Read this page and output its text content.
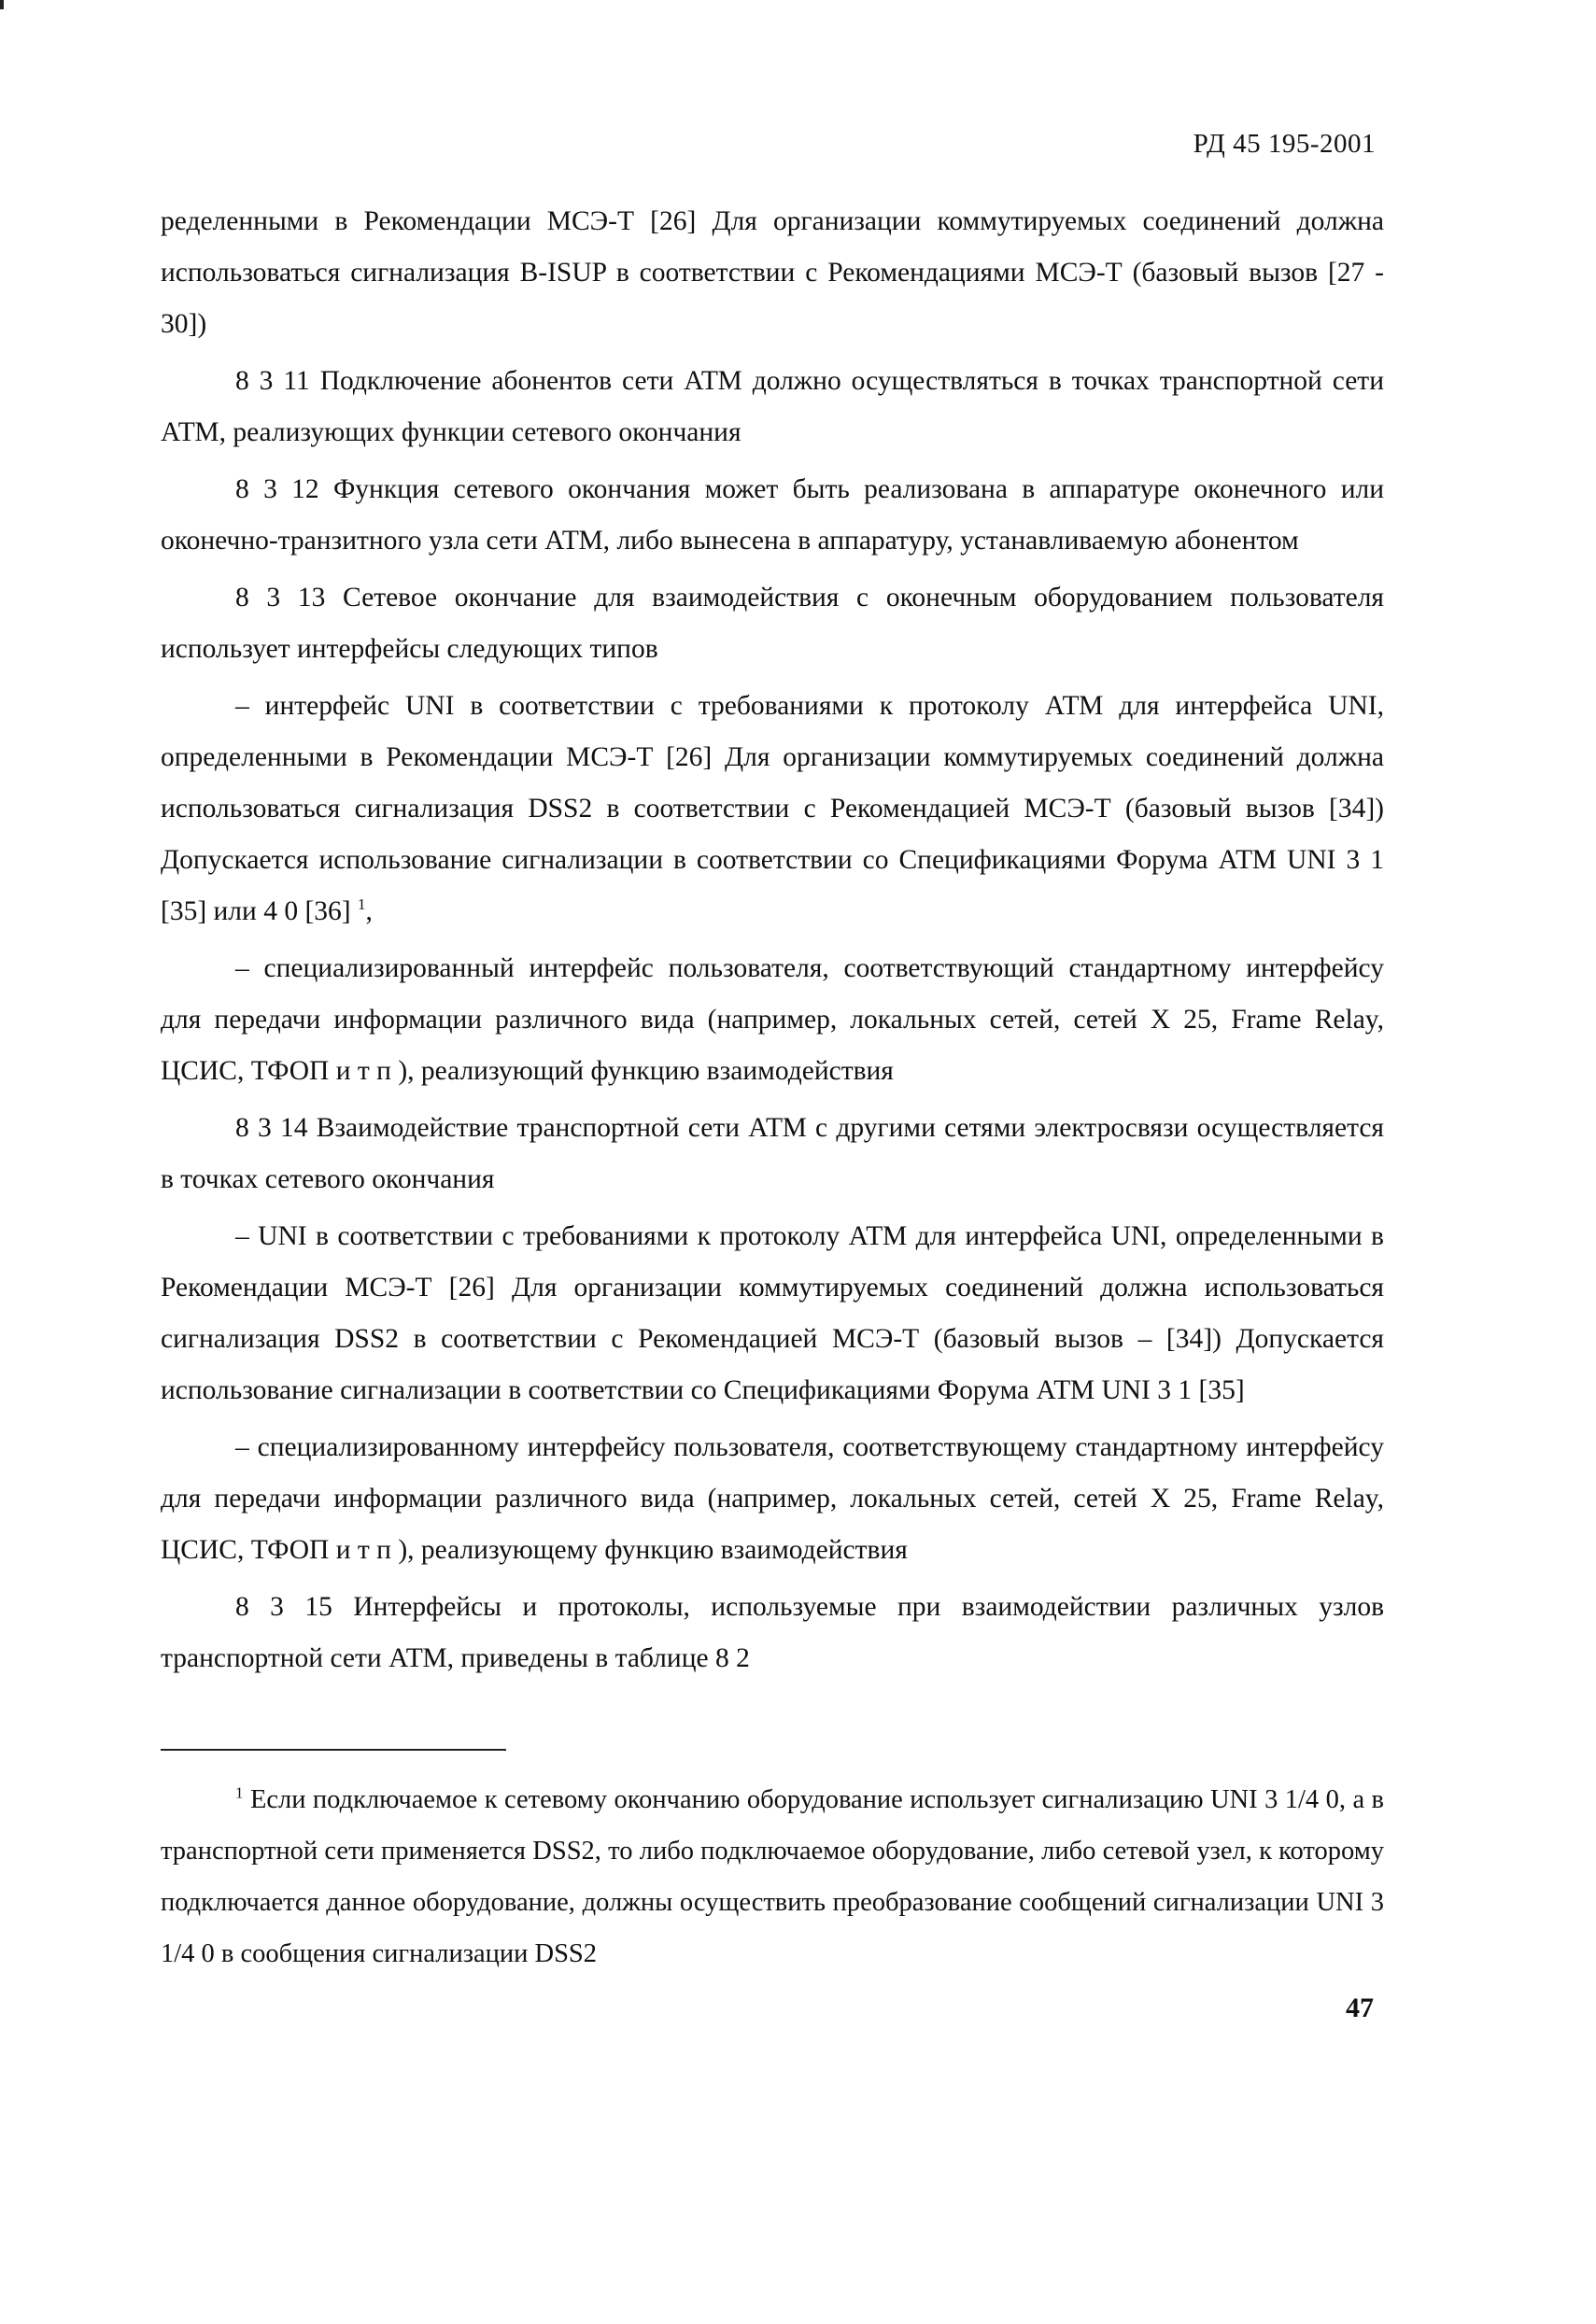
РД 45 195-2001

ределенными в Рекомендации МСЭ-Т [26] Для организации коммутируемых соединений должна использоваться сигнализация B-ISUP в соответствии с Рекомендациями МСЭ-Т (базовый вызов [27 - 30])

8 3 11 Подключение абонентов сети АТМ должно осуществляться в точках транспортной сети АТМ, реализующих функции сетевого окончания

8 3 12 Функция сетевого окончания может быть реализована в аппаратуре оконечного или оконечно-транзитного узла сети АТМ, либо вынесена в аппаратуру, устанавливаемую абонентом

8 3 13 Сетевое окончание для взаимодействия с оконечным оборудованием пользователя использует интерфейсы следующих типов

– интерфейс UNI в соответствии с требованиями к протоколу АТМ для интерфейса UNI, определенными в Рекомендации МСЭ-Т [26] Для организации коммутируемых соединений должна использоваться сигнализация DSS2 в соответствии с Рекомендацией МСЭ-Т (базовый вызов [34]) Допускается использование сигнализации в соответствии со Спецификациями Форума АТМ UNI 3 1 [35] или 4 0 [36] $^1$,

– специализированный интерфейс пользователя, соответствующий стандартному интерфейсу для передачи информации различного вида (например, локальных сетей, сетей X 25, Frame Relay, ЦСИС, ТФОП и т п ), реализующий функцию взаимодействия

8 3 14 Взаимодействие транспортной сети АТМ с другими сетями электросвязи осуществляется в точках сетевого окончания

– UNI в соответствии с требованиями к протоколу АТМ для интерфейса UNI, определенными в Рекомендации МСЭ-Т [26] Для организации коммутируемых соединений должна использоваться сигнализация DSS2 в соответствии с Рекомендацией МСЭ-Т (базовый вызов – [34]) Допускается использование сигнализации в соответствии со Спецификациями Форума АТМ UNI 3 1 [35]

– специализированному интерфейсу пользователя, соответствующему стандартному интерфейсу для передачи информации различного вида (например, локальных сетей, сетей X 25, Frame Relay, ЦСИС, ТФОП и т п ), реализующему функцию взаимодействия

8 3 15 Интерфейсы и протоколы, используемые при взаимодействии различных узлов транспортной сети АТМ, приведены в таблице 8 2

$^1$ Если подключаемое к сетевому окончанию оборудование использует сигнализацию UNI 3 1/4 0, а в транспортной сети применяется DSS2, то либо подключаемое оборудование, либо сетевой узел, к которому подключается данное оборудование, должны осуществить преобразование сообщений сигнализации UNI 3 1/4 0 в сообщения сигнализации DSS2

47
